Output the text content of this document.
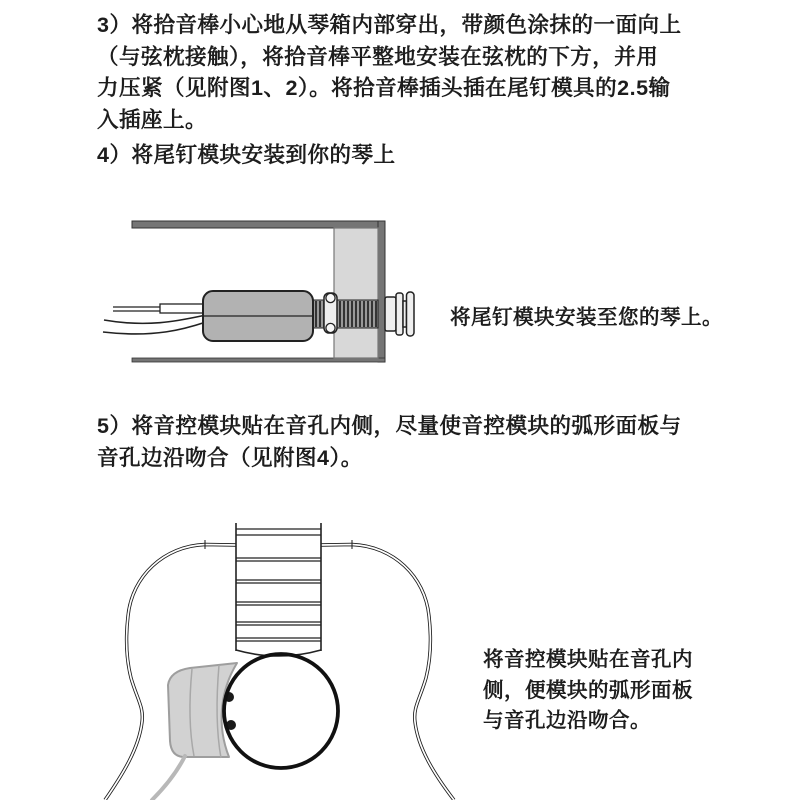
3）将拾音棒小心地从琴箱内部穿出，带颜色涂抹的一面向上
（与弦枕接触），将拾音棒平整地安装在弦枕的下方，并用
力压紧（见附图1、2）。将拾音棒插头插在尾钉模具的2.5输
入插座上。
4）将尾钉模块安装到你的琴上
将尾钉模块安装至您的琴上。
5）将音控模块贴在音孔内侧，尽量使音控模块的弧形面板与
音孔边沿吻合（见附图4）。
将音控模块贴在音孔内
侧，便模块的弧形面板
与音孔边沿吻合。
